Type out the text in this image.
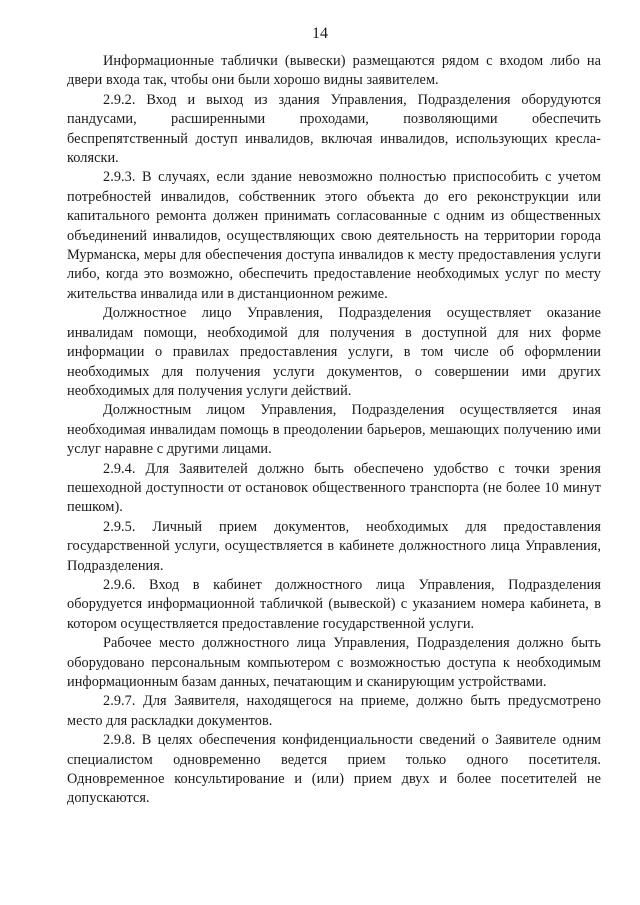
14

Информационные таблички (вывески) размещаются рядом с входом либо на двери входа так, чтобы они были хорошо видны заявителем.

2.9.2. Вход и выход из здания Управления, Подразделения оборудуются пандусами, расширенными проходами, позволяющими обеспечить беспрепятственный доступ инвалидов, включая инвалидов, использующих кресла-коляски.

2.9.3. В случаях, если здание невозможно полностью приспособить с учетом потребностей инвалидов, собственник этого объекта до его реконструкции или капитального ремонта должен принимать согласованные с одним из общественных объединений инвалидов, осуществляющих свою деятельность на территории города Мурманска, меры для обеспечения доступа инвалидов к месту предоставления услуги либо, когда это возможно, обеспечить предоставление необходимых услуг по месту жительства инвалида или в дистанционном режиме.

Должностное лицо Управления, Подразделения осуществляет оказание инвалидам помощи, необходимой для получения в доступной для них форме информации о правилах предоставления услуги, в том числе об оформлении необходимых для получения услуги документов, о совершении ими других необходимых для получения услуги действий.

Должностным лицом Управления, Подразделения осуществляется иная необходимая инвалидам помощь в преодолении барьеров, мешающих получению ими услуг наравне с другими лицами.

2.9.4. Для Заявителей должно быть обеспечено удобство с точки зрения пешеходной доступности от остановок общественного транспорта (не более 10 минут пешком).

2.9.5. Личный прием документов, необходимых для предоставления государственной услуги, осуществляется в кабинете должностного лица Управления, Подразделения.

2.9.6. Вход в кабинет должностного лица Управления, Подразделения оборудуется информационной табличкой (вывеской) с указанием номера кабинета, в котором осуществляется предоставление государственной услуги.

Рабочее место должностного лица Управления, Подразделения должно быть оборудовано персональным компьютером с возможностью доступа к необходимым информационным базам данных, печатающим и сканирующим устройствами.

2.9.7. Для Заявителя, находящегося на приеме, должно быть предусмотрено место для раскладки документов.

2.9.8. В целях обеспечения конфиденциальности сведений о Заявителе одним специалистом одновременно ведется прием только одного посетителя. Одновременное консультирование и (или) прием двух и более посетителей не допускаются.
